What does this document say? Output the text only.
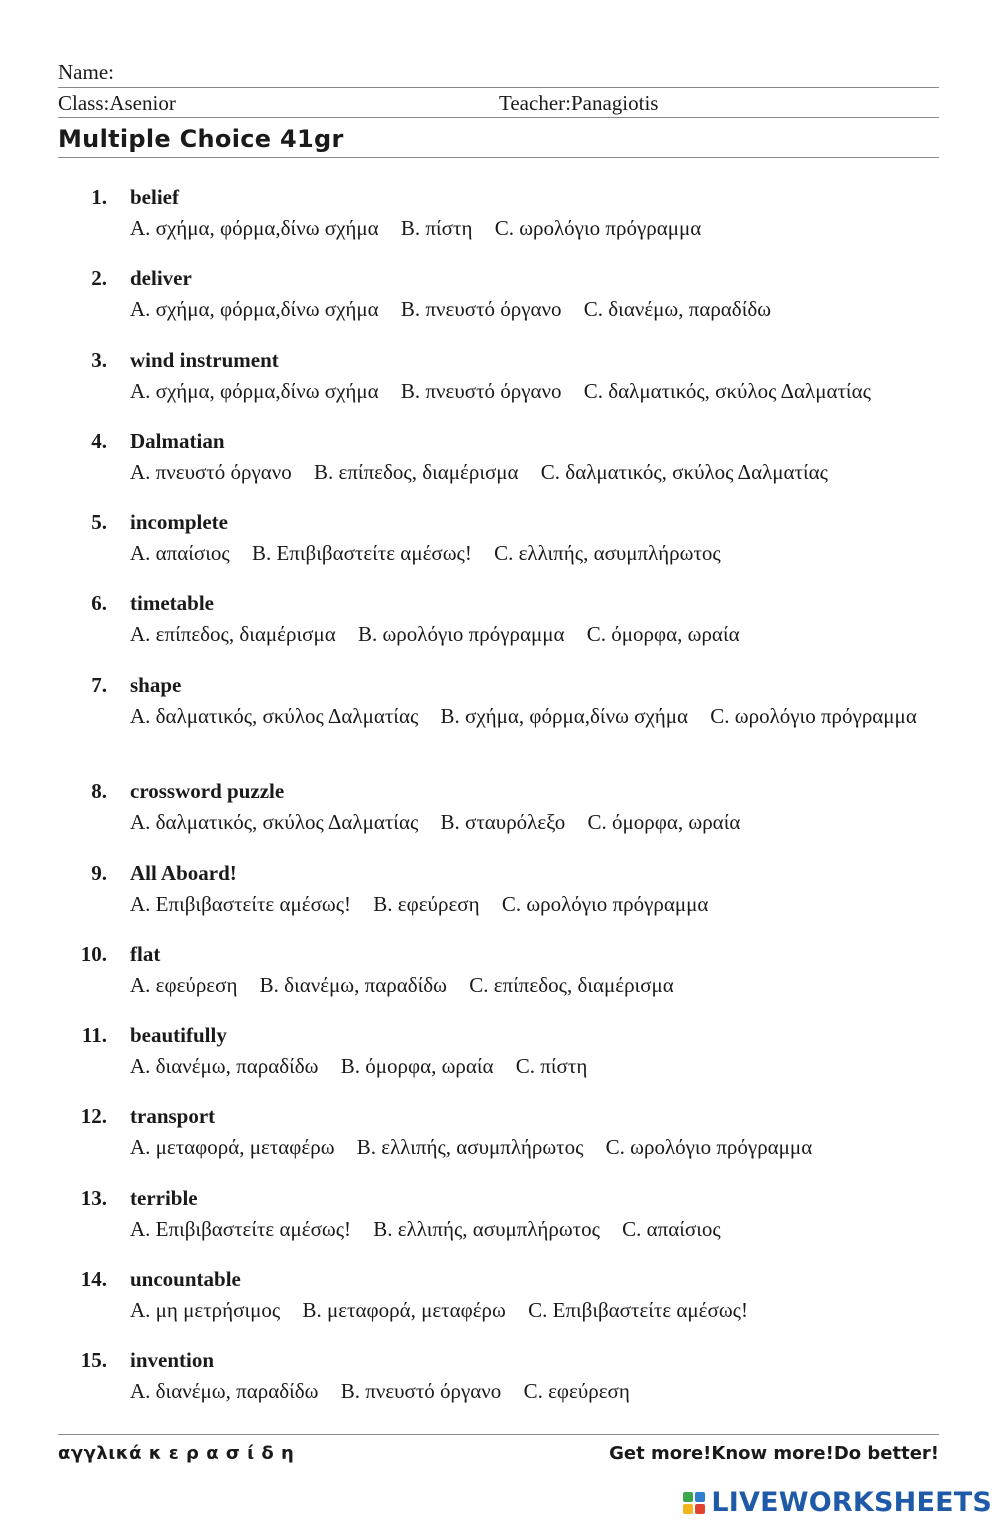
Name:
Class:Asenior	Teacher:Panagiotis
Multiple Choice 41gr
1. belief
A. σχήμα, φόρμα,δίνω σχήμα B. πίστη C. ωρολόγιο πρόγραμμα
2. deliver
A. σχήμα, φόρμα,δίνω σχήμα B. πνευστό όργανο C. διανέμω, παραδίδω
3. wind instrument
A. σχήμα, φόρμα,δίνω σχήμα B. πνευστό όργανο C. δαλματικός, σκύλος Δαλματίας
4. Dalmatian
A. πνευστό όργανο B. επίπεδος, διαμέρισμα C. δαλματικός, σκύλος Δαλματίας
5. incomplete
A. απαίσιος B. Επιβιβαστείτε αμέσως! C. ελλιπής, ασυμπλήρωτος
6. timetable
A. επίπεδος, διαμέρισμα B. ωρολόγιο πρόγραμμα C. όμορφα, ωραία
7. shape
A. δαλματικός, σκύλος Δαλματίας B. σχήμα, φόρμα,δίνω σχήμα C. ωρολόγιο πρόγραμμα
8. crossword puzzle
A. δαλματικός, σκύλος Δαλματίας B. σταυρόλεξο C. όμορφα, ωραία
9. All Aboard!
A. Επιβιβαστείτε αμέσως! B. εφεύρεση C. ωρολόγιο πρόγραμμα
10. flat
A. εφεύρεση B. διανέμω, παραδίδω C. επίπεδος, διαμέρισμα
11. beautifully
A. διανέμω, παραδίδω B. όμορφα, ωραία C. πίστη
12. transport
A. μεταφορά, μεταφέρω B. ελλιπής, ασυμπλήρωτος C. ωρολόγιο πρόγραμμα
13. terrible
A. Επιβιβαστείτε αμέσως! B. ελλιπής, ασυμπλήρωτος C. απαίσιος
14. uncountable
A. μη μετρήσιμος B. μεταφορά, μεταφέρω C. Επιβιβαστείτε αμέσως!
15. invention
A. διανέμω, παραδίδω B. πνευστό όργανο C. εφεύρεση
αγγλικά κ ε ρ α σ ί δ η	Get more!Know more!Do better!
LIVEWORKSHEETS
